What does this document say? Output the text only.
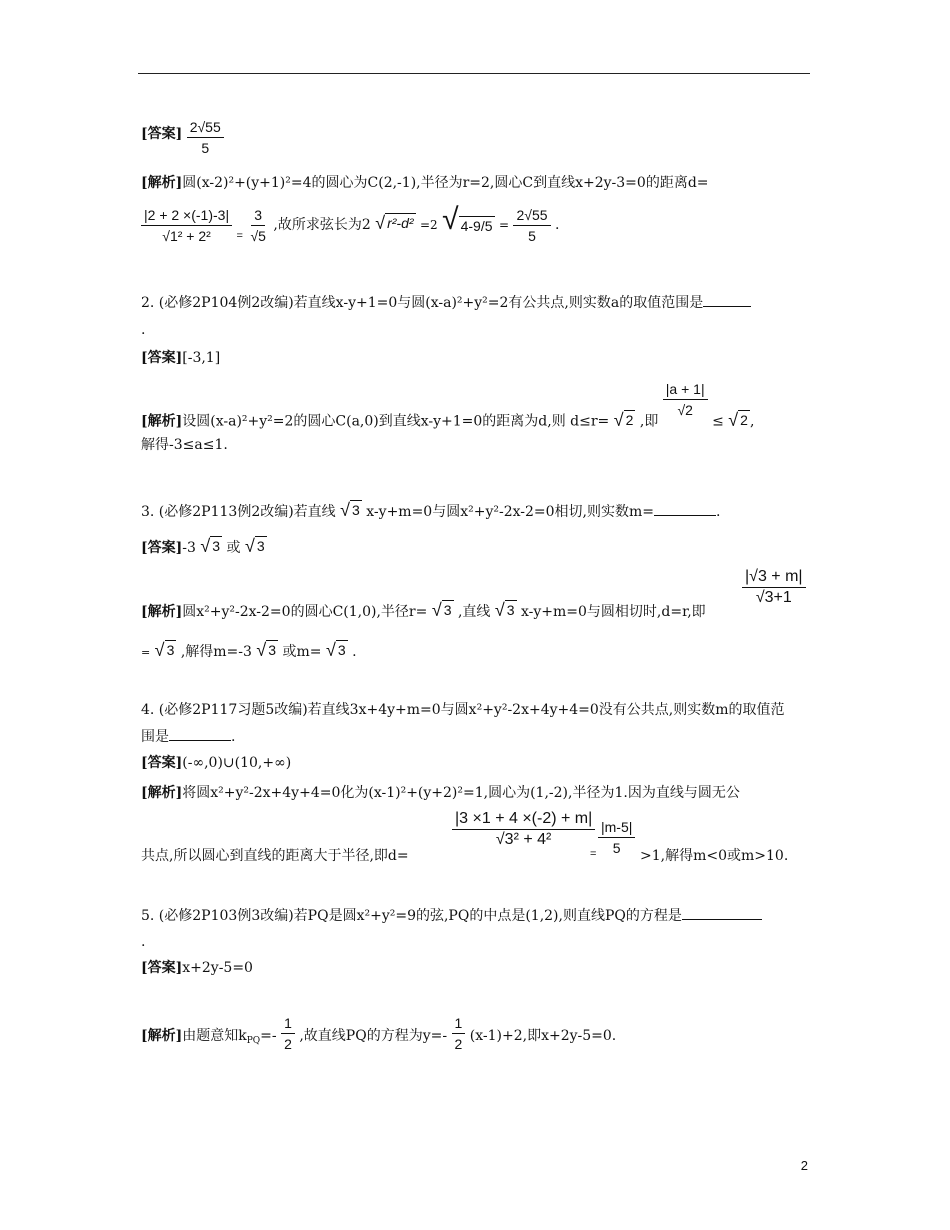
[答案] $\frac{2√55}{5}$
[解析]圆(x-2)²+(y+1)²=4的圆心为C(2,-1),半径为r=2,圆心C到直线x+2y-3=0的距离d=
$\frac{|2 + 2 \times(-1)-3|}{\text{√1² + 2²}} _= \frac{3}{√5}$ ,故所求弦长为2 √ r²-d² =2 √ $4-9/5 = \frac{2√55}{5}$ .
2. (必修2P104例2改编)若直线x-y+1=0与圆(x-a)²+y²=2有公共点,则实数a的取值范围是
.
[答案][-3,1]
[解析]设圆(x-a)²+y²=2的圆心C(a,0)到直线x-y+1=0的距离为d,则 d≤r= √ 2 ,即
$\frac{|a + 1|}{√2}$
≤ √ 2 ,
解得-3≤a≤1.
3. (必修2P113例2改编)若直线 √ 3 x-y+m=0与圆x²+y²-2x-2=0相切,则实数m=	.
[答案]-3 √ 3 或 √ 3
[解析]圆x²+y²-2x-2=0的圆心C(1,0),半径r= √ 3 ,直线 √ 3 x-y+m=0与圆相切时,d=r,即
$\frac{|√3 + m|}{√3+1}$
= √ 3 ,解得m=-3 √ 3 或m= √ 3 .
4. (必修2P117习题5改编)若直线3x+4y+m=0与圆x²+y²-2x+4y+4=0没有公共点,则实数m的取值范
围是	.
[答案](-∞,0)∪(10,+∞)
[解析]将圆x²+y²-2x+4y+4=0化为(x-1)²+(y+2)²=1,圆心为(1,-2),半径为1.因为直线与圆无公
共点,所以圆心到直线的距离大于半径,即d=
$\frac{|3 \times 1 + 4 \times(-2) + m|}{\text{√3² + 4²}}$
= $\frac{|m-5|}{5} >1$,解得m<0或m>10.
5. (必修2P103例3改编)若PQ是圆x²+y²=9的弦,PQ的中点是(1,2),则直线PQ的方程是
.
[答案]x+2y-5=0
[解析]由题意知$k_{PQ}=- \frac{1}{2}$ ,故直线PQ的方程为$y=- \frac{1}{2} (x-1)+2$,即x+2y-5=0.
2
